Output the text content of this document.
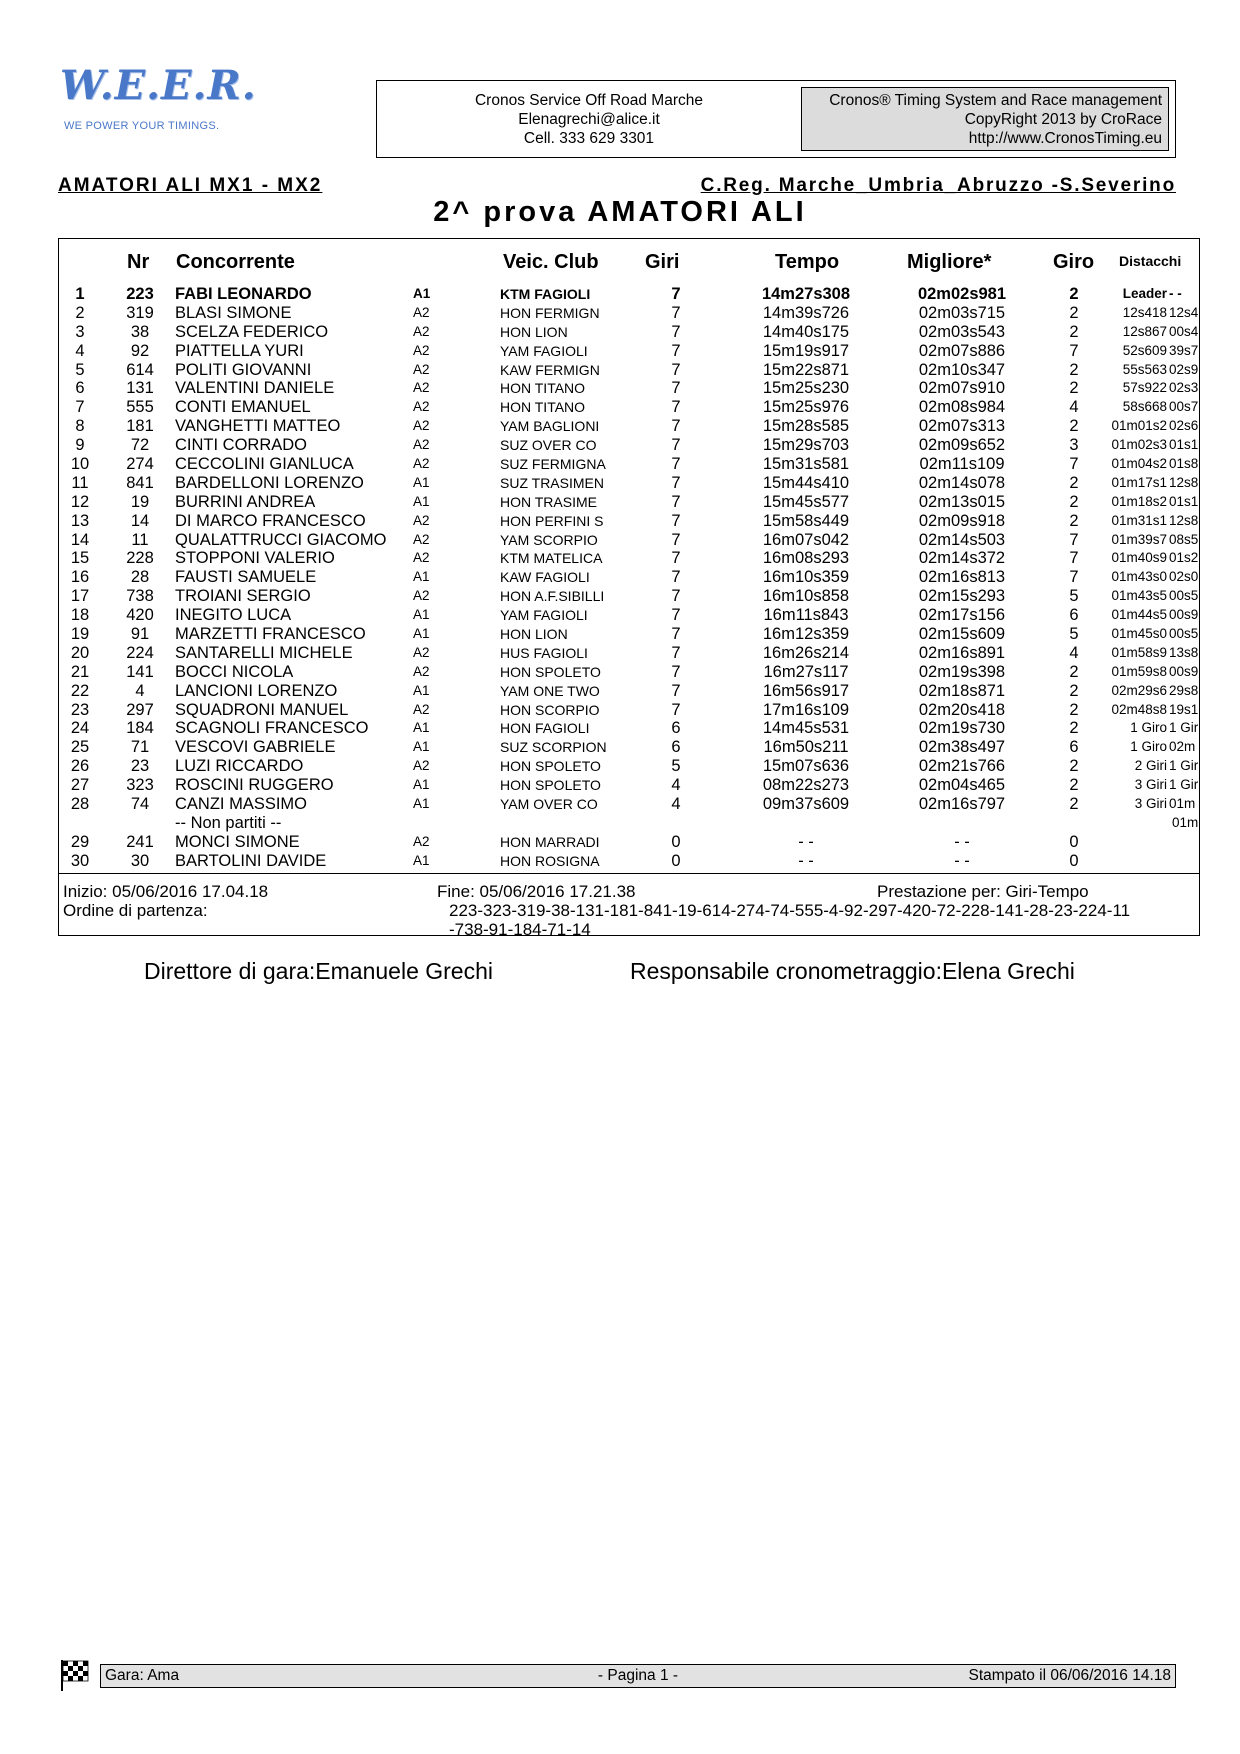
W.E.E.R.
WE POWER YOUR TIMINGS.
Cronos Service Off Road Marche
Elenagrechi@alice.it
Cell. 333 629 3301
Cronos® Timing System and Race management
CopyRight 2013 by CroRace
http://www.CronosTiming.eu
AMATORI ALI MX1 - MX2	C.Reg. Marche_Umbria_Abruzzo -S.Severino
2^ prova AMATORI ALI
Nr Concorrente	Veic. Club Giri	Tempo	Migliore*	Giro Distacchi
1	223	FABI LEONARDO	A1	KTM FAGIOLI	7	14m27s308	02m02s981	2	Leader - -
2	319	BLASI SIMONE	A2	HON FERMIGN	7	14m39s726	02m03s715	2	12s418 12s4
3	38	SCELZA FEDERICO	A2	HON LION	7	14m40s175	02m03s543	2	12s867 00s4
4	92	PIATTELLA YURI	A2	YAM FAGIOLI	7	15m19s917	02m07s886	7	52s609 39s7
5	614	POLITI GIOVANNI	A2	KAW FERMIGN	7	15m22s871	02m10s347	2	55s563 02s9
6	131	VALENTINI DANIELE	A2	HON TITANO	7	15m25s230	02m07s910	2	57s922 02s3
7	555	CONTI EMANUEL	A2	HON TITANO	7	15m25s976	02m08s984	4	58s668 00s7
8	181	VANGHETTI MATTEO	A2	YAM BAGLIONI	7	15m28s585	02m07s313	2	01m01s2 02s6
9	72	CINTI CORRADO	A2	SUZ OVER CO	7	15m29s703	02m09s652	3	01m02s3 01s1
10	274	CECCOLINI GIANLUCA	A2	SUZ FERMIGNA	7	15m31s581	02m11s109	7	01m04s2 01s8
11	841	BARDELLONI LORENZO	A1	SUZ TRASIMEN	7	15m44s410	02m14s078	2	01m17s1 12s8
12	19	BURRINI ANDREA	A1	HON TRASIME	7	15m45s577	02m13s015	2	01m18s2 01s1
13	14	DI MARCO FRANCESCO	A2	HON PERFINI S	7	15m58s449	02m09s918	2	01m31s1 12s8
14	11	QUALATTRUCCI GIACOMO A2	YAM SCORPIO	7	16m07s042	02m14s503	7	01m39s7 08s5
15	228	STOPPONI VALERIO	A2	KTM MATELICA	7	16m08s293	02m14s372	7	01m40s9 01s2
16	28	FAUSTI SAMUELE	A1	KAW FAGIOLI	7	16m10s359	02m16s813	7	01m43s0 02s0
17	738	TROIANI SERGIO	A2	HON A.F.SIBILLI	7	16m10s858	02m15s293	5	01m43s5 00s5
18	420	INEGITO LUCA	A1	YAM FAGIOLI	7	16m11s843	02m17s156	6	01m44s5 00s9
19	91	MARZETTI FRANCESCO	A1	HON LION	7	16m12s359	02m15s609	5	01m45s0 00s5
20	224	SANTARELLI MICHELE	A2	HUS FAGIOLI	7	16m26s214	02m16s891	4	01m58s9 13s8
21	141	BOCCI NICOLA	A2	HON SPOLETO	7	16m27s117	02m19s398	2	01m59s8 00s9
22	4	LANCIONI LORENZO	A1	YAM ONE TWO	7	16m56s917	02m18s871	2	02m29s6 29s8
23	297	SQUADRONI MANUEL	A2	HON SCORPIO	7	17m16s109	02m20s418	2	02m48s8 19s1
24	184	SCAGNOLI FRANCESCO	A1	HON FAGIOLI	6	14m45s531	02m19s730	2	1 Giro 1 Gir
25	71	VESCOVI GABRIELE	A1	SUZ SCORPION	6	16m50s211	02m38s497	6	1 Giro 02m
26	23	LUZI RICCARDO	A2	HON SPOLETO	5	15m07s636	02m21s766	2	2 Giri 1 Gir
27	323	ROSCINI RUGGERO	A1	HON SPOLETO	4	08m22s273	02m04s465	2	3 Giri 1 Gir
28	74	CANZI MASSIMO	A1	YAM OVER CO	4	09m37s609	02m16s797	2	3 Giri 01m
-- Non partiti --	01m
29	241	MONCI SIMONE	A2	HON MARRADI	0	- -	- -	0
30	30	BARTOLINI DAVIDE	A1	HON ROSIGNA	0	- -	- -	0
Inizio: 05/06/2016 17.04.18	Fine: 05/06/2016 17.21.38	Prestazione per: Giri-Tempo
Ordine di partenza:	223-323-319-38-131-181-841-19-614-274-74-555-4-92-297-420-72-228-141-28-23-224-11
-738-91-184-71-14
Direttore di gara:Emanuele Grechi	Responsabile cronometraggio:Elena Grechi
Gara: Ama	- Pagina 1 -	Stampato il 06/06/2016 14.18
